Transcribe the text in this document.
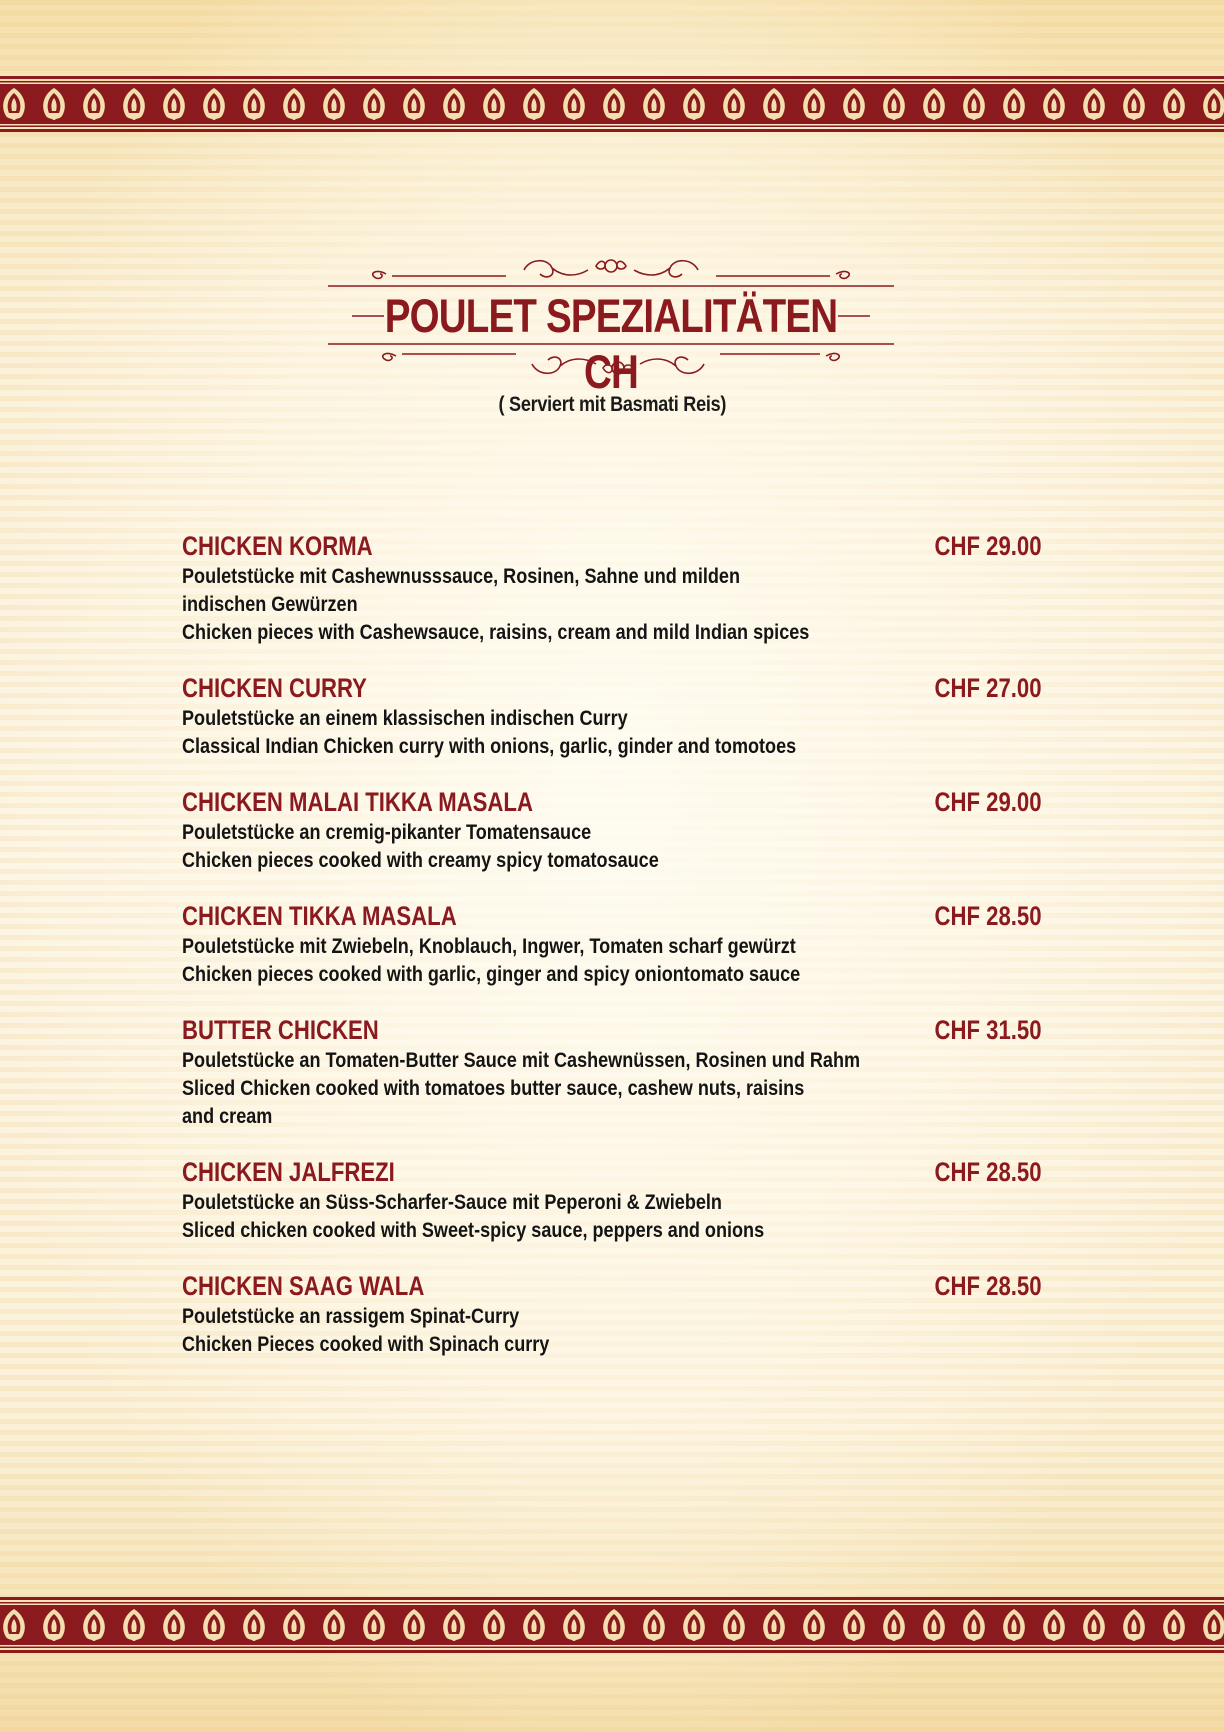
POULET SPEZIALITÄTEN CH
( Serviert mit Basmati Reis)
CHICKEN KORMA	CHF 29.00
Pouletstücke mit Cashewnusssauce, Rosinen, Sahne und milden
indischen Gewürzen
Chicken pieces with Cashewsauce, raisins, cream and mild Indian spices
CHICKEN CURRY	CHF 27.00
Pouletstücke an einem klassischen indischen Curry
Classical Indian Chicken curry with onions, garlic, ginder and tomotoes
CHICKEN MALAI TIKKA MASALA	CHF 29.00
Pouletstücke an cremig-pikanter Tomatensauce
Chicken pieces cooked with creamy spicy tomatosauce
CHICKEN TIKKA MASALA	CHF 28.50
Pouletstücke mit Zwiebeln, Knoblauch, Ingwer, Tomaten scharf gewürzt
Chicken pieces cooked with garlic, ginger and spicy oniontomato sauce
BUTTER CHICKEN	CHF 31.50
Pouletstücke an Tomaten-Butter Sauce mit Cashewnüssen, Rosinen und Rahm
Sliced Chicken cooked with tomatoes butter sauce, cashew nuts, raisins
and cream
CHICKEN JALFREZI	CHF 28.50
Pouletstücke an Süss-Scharfer-Sauce mit Peperoni & Zwiebeln
Sliced chicken cooked with Sweet-spicy sauce, peppers and onions
CHICKEN SAAG WALA	CHF 28.50
Pouletstücke an rassigem Spinat-Curry
Chicken Pieces cooked with Spinach curry
